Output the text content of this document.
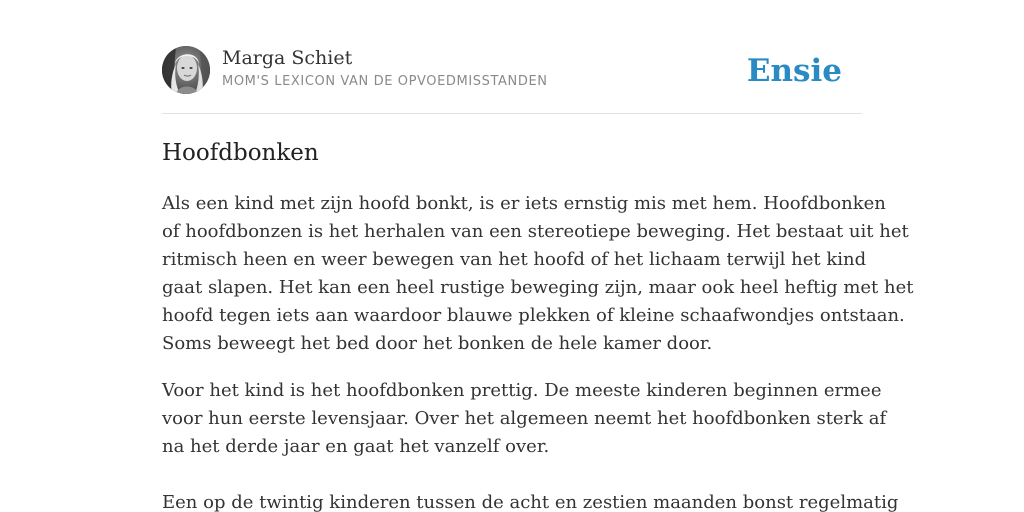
Marga Schiet
MOM'S LEXICON VAN DE OPVOEDMISSTANDEN	Ensie
Hoofdbonken

Als een kind met zijn hoofd bonkt, is er iets ernstig mis met hem. Hoofdbonken
of hoofdbonzen is het herhalen van een stereotiepe beweging. Het bestaat uit het
ritmisch heen en weer bewegen van het hoofd of het lichaam terwijl het kind
gaat slapen. Het kan een heel rustige beweging zijn, maar ook heel heftig met het
hoofd tegen iets aan waardoor blauwe plekken of kleine schaafwondjes ontstaan.
Soms beweegt het bed door het bonken de hele kamer door.

Voor het kind is het hoofdbonken prettig. De meeste kinderen beginnen ermee
voor hun eerste levensjaar. Over het algemeen neemt het hoofdbonken sterk af
na het derde jaar en gaat het vanzelf over.

Een op de twintig kinderen tussen de acht en zestien maanden bonst regelmatig
